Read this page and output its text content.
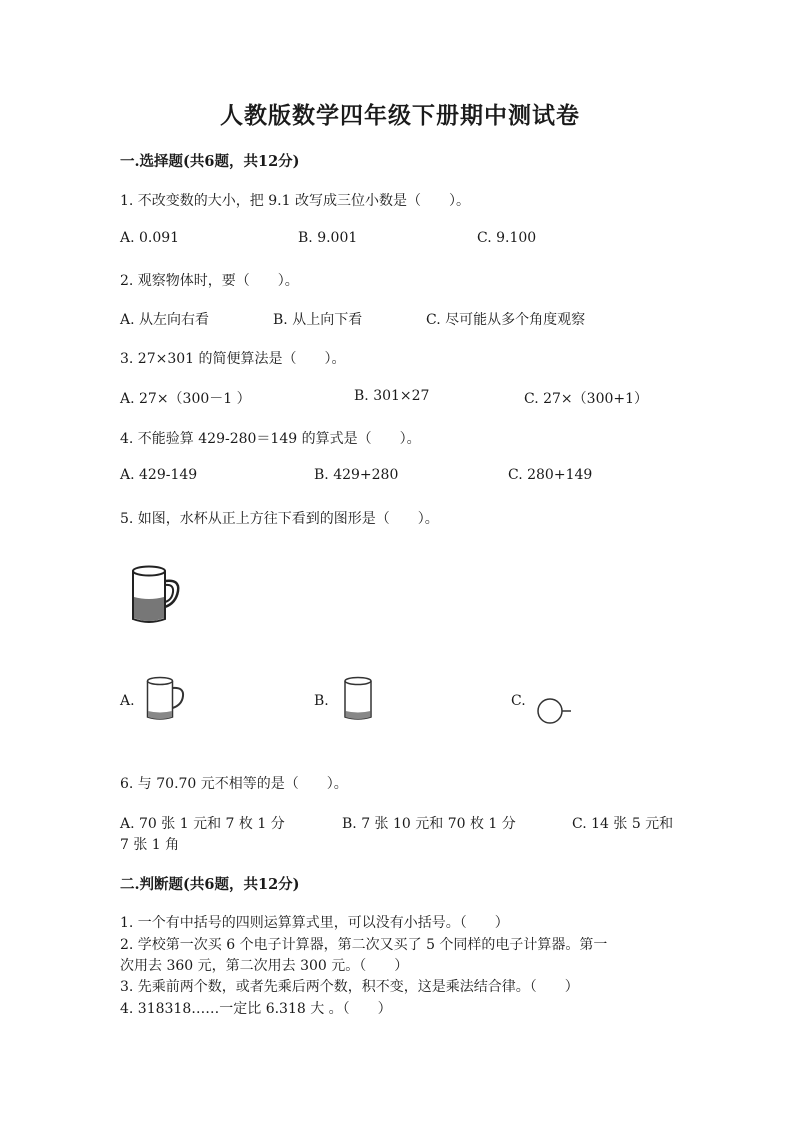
人教版数学四年级下册期中测试卷
一.选择题(共6题，共12分)
1. 不改变数的大小，把 9.1 改写成三位小数是（　　）。
A. 0.091	B. 9.001	C. 9.100
2. 观察物体时，要（　　）。
A. 从左向右看	B. 从上向下看	C. 尽可能从多个角度观察
3. 27×301 的简便算法是（　　）。
A. 27×（300－1 ）	B. 301×27	C. 27×（300+1）
4. 不能验算 429-280＝149 的算式是（　　）。
A. 429-149	B. 429+280	C. 280+149
5. 如图，水杯从正上方往下看到的图形是（　　）。
A.	B.	C.
6. 与 70.70 元不相等的是（　　）。
A. 70 张 1 元和 7 枚 1 分	B. 7 张 10 元和 70 枚 1 分	C. 14 张 5 元和
7 张 1 角
二.判断题(共6题，共12分)
1. 一个有中括号的四则运算算式里，可以没有小括号。（　　）
2. 学校第一次买 6 个电子计算器，第二次又买了 5 个同样的电子计算器。第一
次用去 360 元，第二次用去 300 元。（　　）
3. 先乘前两个数，或者先乘后两个数，积不变，这是乘法结合律。（　　）
4. 318318……一定比 6.318 大 。（　　）
